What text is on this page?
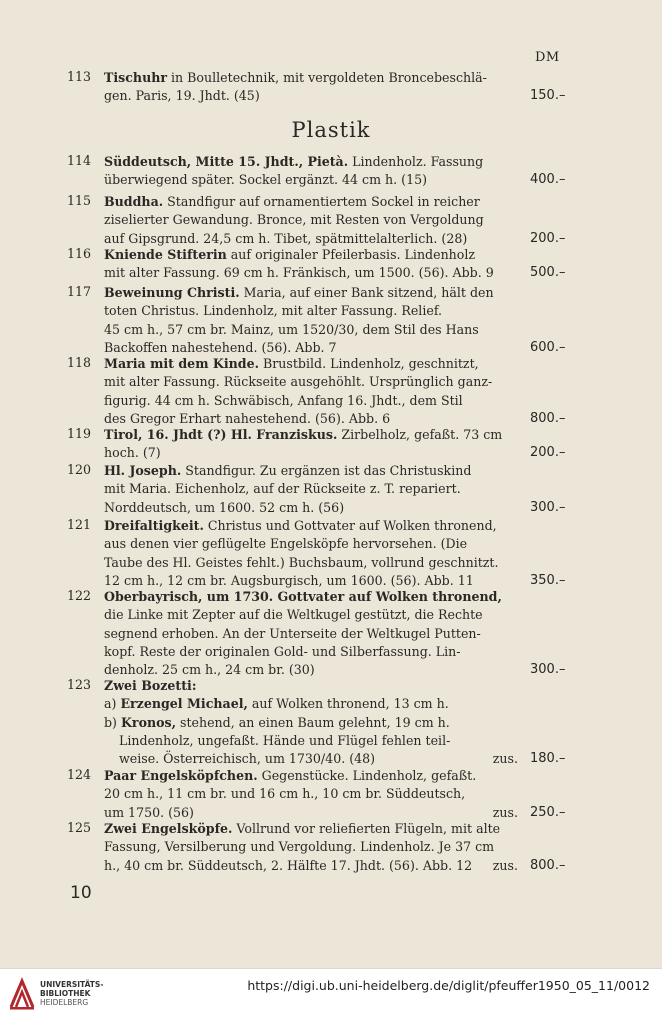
DM
Plastik
113 Tischuhr in Boulletechnik, mit vergoldeten Broncebeschlä-
gen. Paris, 19. Jhdt. (45)	150.–
114 Süddeutsch, Mitte 15. Jhdt., Pietà. Lindenholz. Fassung
überwiegend später. Sockel ergänzt. 44 cm h. (15)	400.–
115 Buddha. Standfigur auf ornamentiertem Sockel in reicher
ziselierter Gewandung. Bronce, mit Resten von Vergoldung
auf Gipsgrund. 24,5 cm h. Tibet, spätmittelalterlich. (28)	200.–
116 Kniende Stifterin auf originaler Pfeilerbasis. Lindenholz
mit alter Fassung. 69 cm h. Fränkisch, um 1500. (56). Abb. 9	500.–
117 Beweinung Christi. Maria, auf einer Bank sitzend, hält den
toten Christus. Lindenholz, mit alter Fassung. Relief.
45 cm h., 57 cm br. Mainz, um 1520/30, dem Stil des Hans
Backoffen nahestehend. (56). Abb. 7	600.–
118 Maria mit dem Kinde. Brustbild. Lindenholz, geschnitzt,
mit alter Fassung. Rückseite ausgehöhlt. Ursprünglich ganz-
figurig. 44 cm h. Schwäbisch, Anfang 16. Jhdt., dem Stil
des Gregor Erhart nahestehend. (56). Abb. 6	800.–
119 Tirol, 16. Jhdt (?) Hl. Franziskus. Zirbelholz, gefaßt. 73 cm
hoch. (7)	200.–
120 Hl. Joseph. Standfigur. Zu ergänzen ist das Christuskind
mit Maria. Eichenholz, auf der Rückseite z. T. repariert.
Norddeutsch, um 1600. 52 cm h. (56)	300.–
121 Dreifaltigkeit. Christus und Gottvater auf Wolken thronend,
aus denen vier geflügelte Engelsköpfe hervorsehen. (Die
Taube des Hl. Geistes fehlt.) Buchsbaum, vollrund geschnitzt.
12 cm h., 12 cm br. Augsburgisch, um 1600. (56). Abb. 11	350.–
122 Oberbayrisch, um 1730. Gottvater auf Wolken thronend,
die Linke mit Zepter auf die Weltkugel gestützt, die Rechte
segnend erhoben. An der Unterseite der Weltkugel Putten-
kopf. Reste der originalen Gold- und Silberfassung. Lin-
denholz. 25 cm h., 24 cm br. (30)	300.–
123 Zwei Bozetti:
a) Erzengel Michael, auf Wolken thronend, 13 cm h.
b) Kronos, stehend, an einen Baum gelehnt, 19 cm h.
Lindenholz, ungefaßt. Hände und Flügel fehlen teil-
weise. Österreichisch, um 1730/40. (48)	zus. 180.–
124 Paar Engelsköpfchen. Gegenstücke. Lindenholz, gefaßt.
20 cm h., 11 cm br. und 16 cm h., 10 cm br. Süddeutsch,
um 1750. (56)	zus. 250.–
125 Zwei Engelsköpfe. Vollrund vor reliefierten Flügeln, mit alte
Fassung, Versilberung und Vergoldung. Lindenholz. Je 37 cm
h., 40 cm br. Süddeutsch, 2. Hälfte 17. Jhdt. (56). Abb. 12 zus. 800.–
10
UNIVERSITÄTS-
BIBLIOTHEK
HEIDELBERG
https://digi.ub.uni-heidelberg.de/diglit/pfeuffer1950_05_11/0012
